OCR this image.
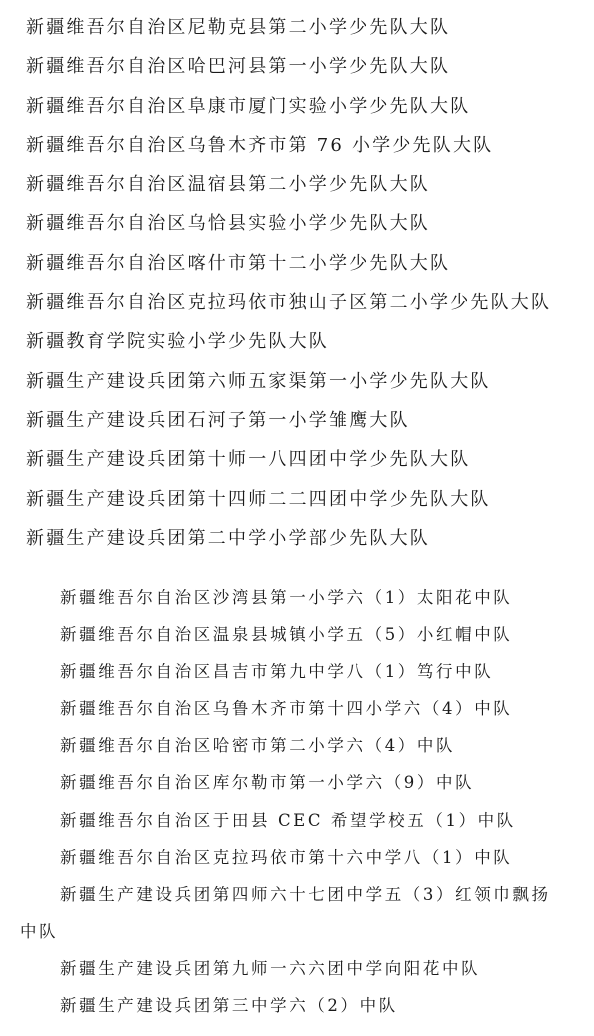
新疆维吾尔自治区尼勒克县第二小学少先队大队
新疆维吾尔自治区哈巴河县第一小学少先队大队
新疆维吾尔自治区阜康市厦门实验小学少先队大队
新疆维吾尔自治区乌鲁木齐市第 76 小学少先队大队
新疆维吾尔自治区温宿县第二小学少先队大队
新疆维吾尔自治区乌恰县实验小学少先队大队
新疆维吾尔自治区喀什市第十二小学少先队大队
新疆维吾尔自治区克拉玛依市独山子区第二小学少先队大队
新疆教育学院实验小学少先队大队
新疆生产建设兵团第六师五家渠第一小学少先队大队
新疆生产建设兵团石河子第一小学雏鹰大队
新疆生产建设兵团第十师一八四团中学少先队大队
新疆生产建设兵团第十四师二二四团中学少先队大队
新疆生产建设兵团第二中学小学部少先队大队
新疆维吾尔自治区沙湾县第一小学六（1）太阳花中队
新疆维吾尔自治区温泉县城镇小学五（5）小红帽中队
新疆维吾尔自治区昌吉市第九中学八（1）笃行中队
新疆维吾尔自治区乌鲁木齐市第十四小学六（4）中队
新疆维吾尔自治区哈密市第二小学六（4）中队
新疆维吾尔自治区库尔勒市第一小学六（9）中队
新疆维吾尔自治区于田县 CEC 希望学校五（1）中队
新疆维吾尔自治区克拉玛依市第十六中学八（1）中队
新疆生产建设兵团第四师六十七团中学五（3）红领巾飘扬
中队
新疆生产建设兵团第九师一六六团中学向阳花中队
新疆生产建设兵团第三中学六（2）中队
